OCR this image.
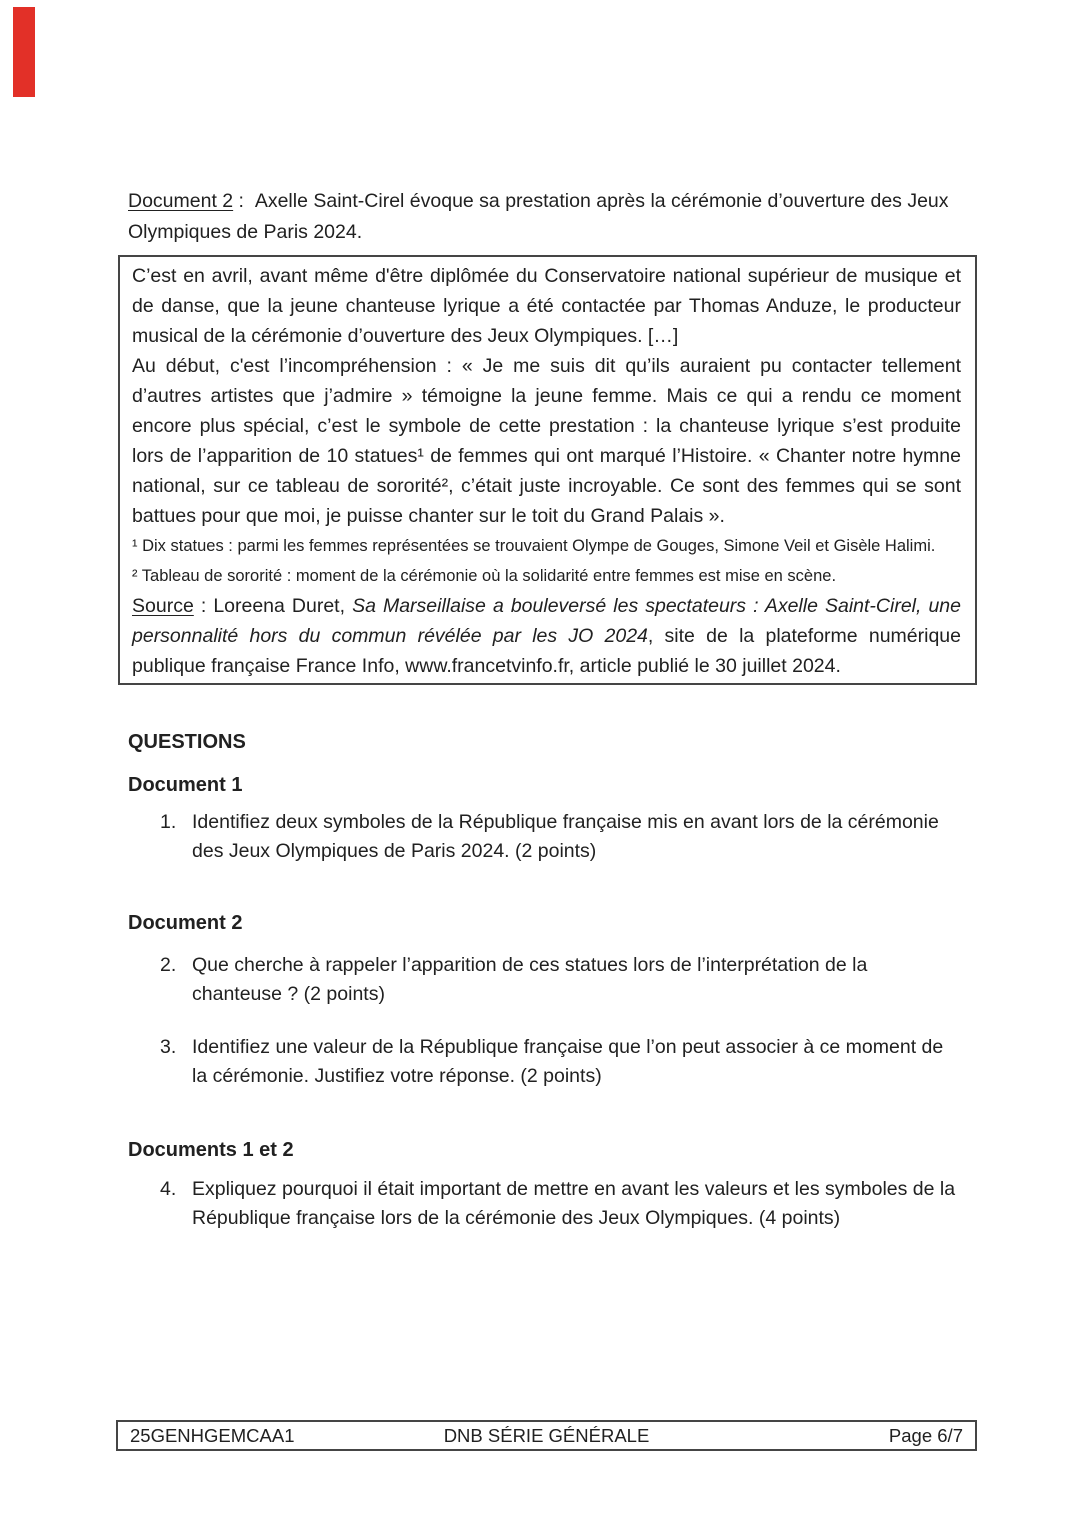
Document 2 :  Axelle Saint-Cirel évoque sa prestation après la cérémonie d’ouverture des Jeux Olympiques de Paris 2024.

C’est en avril, avant même d'être diplômée du Conservatoire national supérieur de musique et de danse, que la jeune chanteuse lyrique a été contactée par Thomas Anduze, le producteur musical de la cérémonie d’ouverture des Jeux Olympiques. […]

Au début, c'est l’incompréhension : « Je me suis dit qu’ils auraient pu contacter tellement d’autres artistes que j’admire » témoigne la jeune femme. Mais ce qui a rendu ce moment encore plus spécial, c’est le symbole de cette prestation : la chanteuse lyrique s’est produite lors de l’apparition de 10 statues¹ de femmes qui ont marqué l’Histoire. « Chanter notre hymne national, sur ce tableau de sororité², c’était juste incroyable. Ce sont des femmes qui se sont battues pour que moi, je puisse chanter sur le toit du Grand Palais ».

¹ Dix statues : parmi les femmes représentées se trouvaient Olympe de Gouges, Simone Veil et Gisèle Halimi.

² Tableau de sororité : moment de la cérémonie où la solidarité entre femmes est mise en scène.

Source : Loreena Duret, Sa Marseillaise a bouleversé les spectateurs : Axelle Saint-Cirel, une personnalité hors du commun révélée par les JO 2024, site de la plateforme numérique publique française France Info, www.francetvinfo.fr, article publié le 30 juillet 2024.

QUESTIONS
Document 1
1. Identifiez deux symboles de la République française mis en avant lors de la cérémonie des Jeux Olympiques de Paris 2024. (2 points)
Document 2
2. Que cherche à rappeler l’apparition de ces statues lors de l’interprétation de la chanteuse ? (2 points)
3. Identifiez une valeur de la République française que l’on peut associer à ce moment de la cérémonie. Justifiez votre réponse. (2 points)
Documents 1 et 2
4. Expliquez pourquoi il était important de mettre en avant les valeurs et les symboles de la République française lors de la cérémonie des Jeux Olympiques. (4 points)
25GENHGEMCAA1	DNB SÉRIE GÉNÉRALE	Page 6/7
